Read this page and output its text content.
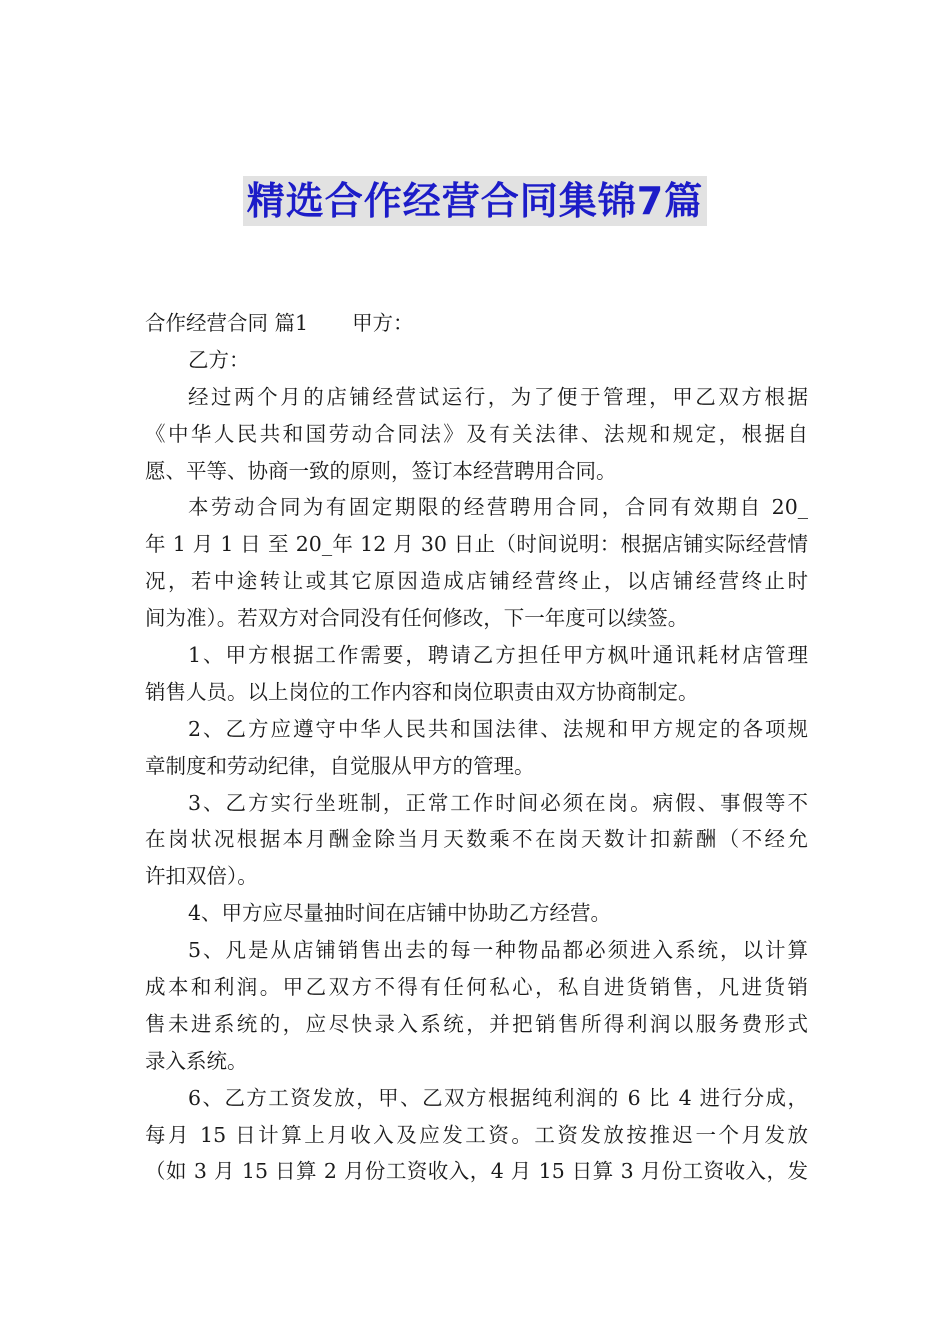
精选合作经营合同集锦7篇
合作经营合同 篇1 甲方：
乙方：
经过两个月的店铺经营试运行，为了便于管理，甲乙双方根据
《中华人民共和国劳动合同法》及有关法律、法规和规定，根据自
愿、平等、协商一致的原则，签订本经营聘用合同。
本劳动合同为有固定期限的经营聘用合同，合同有效期自 20_
年 1 月 1 日 至 20_年 12 月 30 日止（时间说明：根据店铺实际经营情
况，若中途转让或其它原因造成店铺经营终止，以店铺经营终止时
间为准）。若双方对合同没有任何修改，下一年度可以续签。
1、甲方根据工作需要，聘请乙方担任甲方枫叶通讯耗材店管理
销售人员。以上岗位的工作内容和岗位职责由双方协商制定。
2、乙方应遵守中华人民共和国法律、法规和甲方规定的各项规
章制度和劳动纪律，自觉服从甲方的管理。
3、乙方实行坐班制，正常工作时间必须在岗。病假、事假等不
在岗状况根据本月酬金除当月天数乘不在岗天数计扣薪酬（不经允
许扣双倍）。
4、甲方应尽量抽时间在店铺中协助乙方经营。
5、凡是从店铺销售出去的每一种物品都必须进入系统，以计算
成本和利润。甲乙双方不得有任何私心，私自进货销售，凡进货销
售未进系统的，应尽快录入系统，并把销售所得利润以服务费形式
录入系统。
6、乙方工资发放，甲、乙双方根据纯利润的 6 比 4 进行分成，
每月 15 日计算上月收入及应发工资。工资发放按推迟一个月发放
（如 3 月 15 日算 2 月份工资收入，4 月 15 日算 3 月份工资收入，发
